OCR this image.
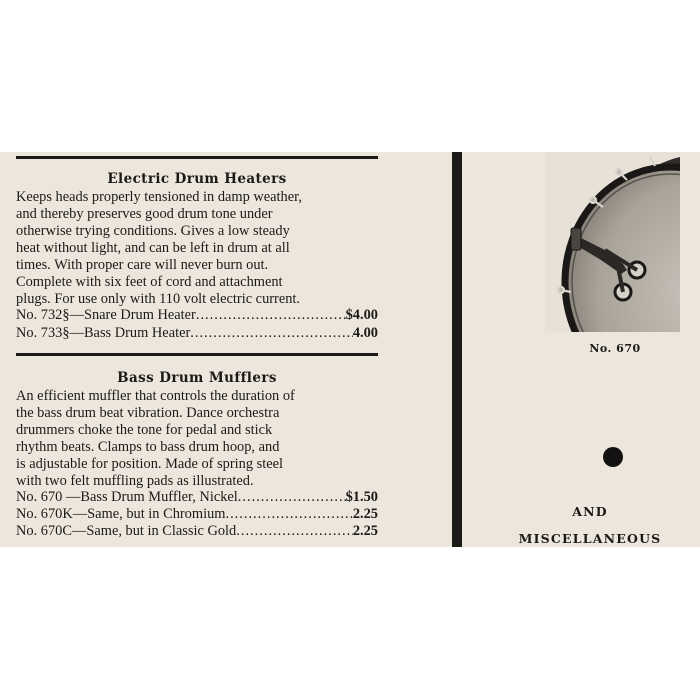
Electric Drum Heaters
Keeps heads properly tensioned in damp weather,
and thereby preserves good drum tone under
otherwise trying conditions. Gives a low steady
heat without light, and can be left in drum at all
times. With proper care will never burn out.
Complete with six feet of cord and attachment
plugs. For use only with 110 volt electric current.
No. 732§—Snare Drum Heater .....	$4.00
No. 733§—Bass Drum Heater .....	4.00
Bass Drum Mufflers
An efficient muffler that controls the duration of
the bass drum beat vibration. Dance orchestra
drummers choke the tone for pedal and stick
rhythm beats. Clamps to bass drum hoop, and
is adjustable for position. Made of spring steel
with two felt muffling pads as illustrated.
No. 670 —Bass Drum Muffler, Nickel .....	$1.50
No. 670K—Same, but in Chromium .....	2.25
No. 670C—Same, but in Classic Gold .....	2.25
No. 670
AND
MISCELLANEOUS
